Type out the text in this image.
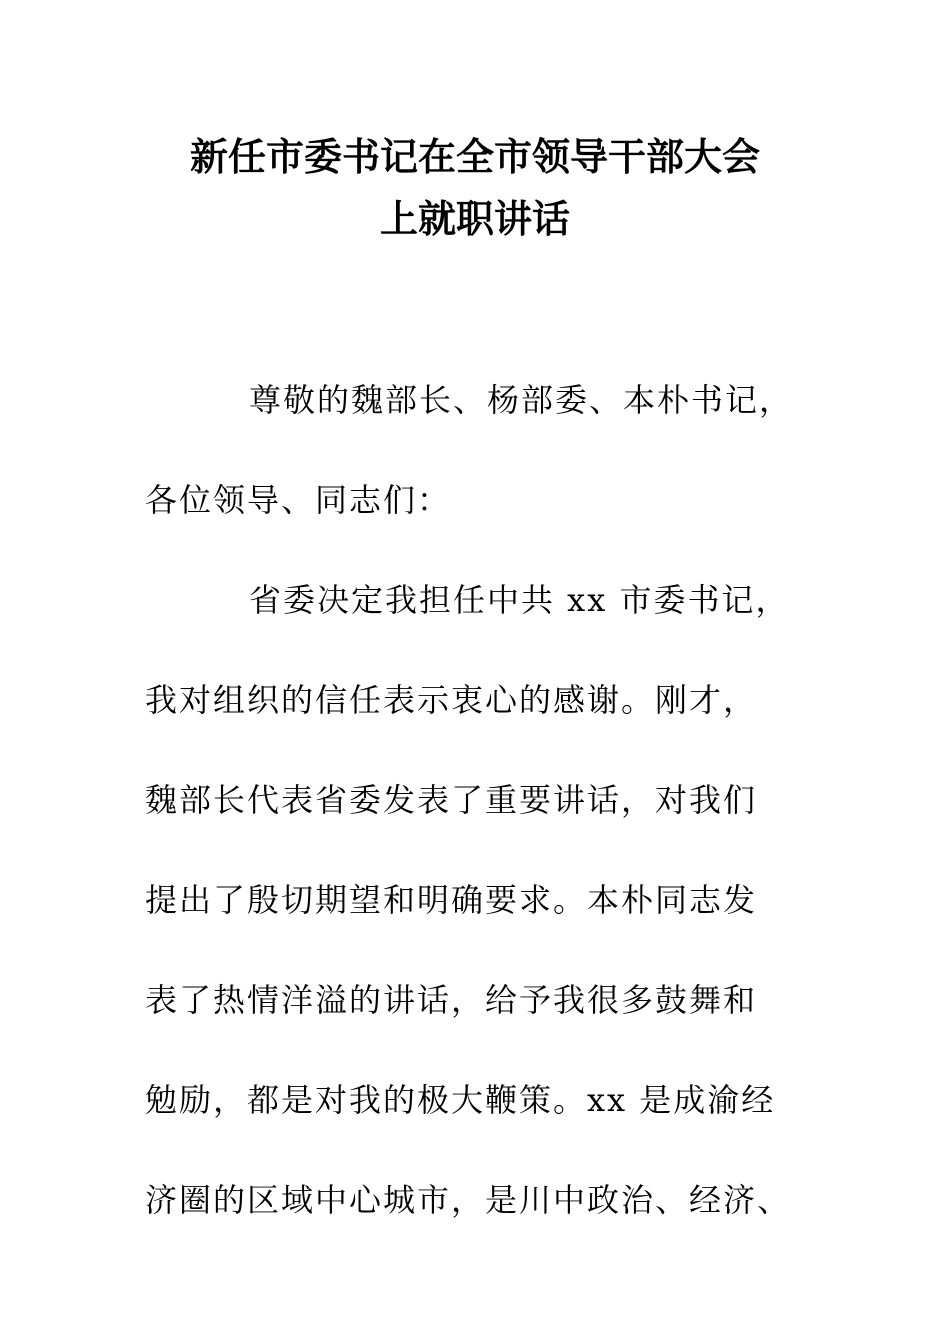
新任市委书记在全市领导干部大会
上就职讲话
尊敬的魏部长、杨部委、本朴书记，
各位领导、同志们：
省委决定我担任中共 xx 市委书记，
我对组织的信任表示衷心的感谢。刚才，
魏部长代表省委发表了重要讲话，对我们
提出了殷切期望和明确要求。本朴同志发
表了热情洋溢的讲话，给予我很多鼓舞和
勉励，都是对我的极大鞭策。xx 是成渝经
济圈的区域中心城市，是川中政治、经济、
